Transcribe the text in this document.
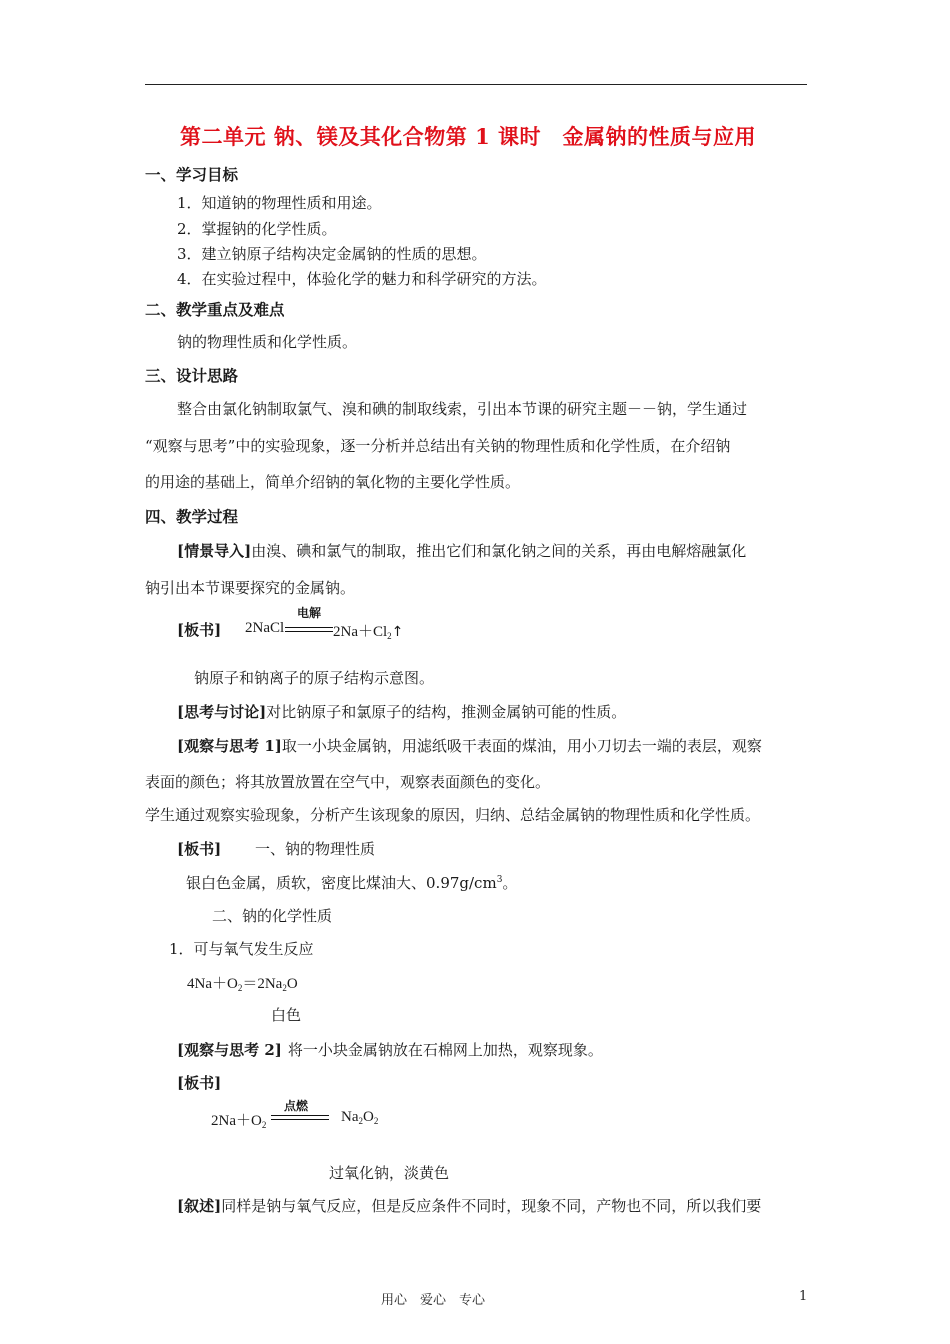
第二单元 钠、镁及其化合物第 1 课时　金属钠的性质与应用
一、学习目标
1．知道钠的物理性质和用途。
2．掌握钠的化学性质。
3．建立钠原子结构决定金属钠的性质的思想。
4．在实验过程中，体验化学的魅力和科学研究的方法。
二、教学重点及难点
钠的物理性质和化学性质。
三、设计思路
整合由氯化钠制取氯气、溴和碘的制取线索，引出本节课的研究主题－－钠，学生通过
“观察与思考”中的实验现象，逐一分析并总结出有关钠的物理性质和化学性质，在介绍钠
的用途的基础上，简单介绍钠的氧化物的主要化学性质。
四、教学过程
[情景导入]由溴、碘和氯气的制取，推出它们和氯化钠之间的关系，再由电解熔融氯化
钠引出本节课要探究的金属钠。
[板书] 2NaCl
电解
$2Na+Cl_2↑$
钠原子和钠离子的原子结构示意图。
[思考与讨论]对比钠原子和氯原子的结构，推测金属钠可能的性质。
[观察与思考 1]取一小块金属钠，用滤纸吸干表面的煤油，用小刀切去一端的表层，观察
表面的颜色；将其放置放置在空气中，观察表面颜色的变化。
学生通过观察实验现象，分析产生该现象的原因，归纳、总结金属钠的物理性质和化学性质。
[板书] 一、钠的物理性质
银白色金属，质软，密度比煤油大、$0.97g/cm^3$。
二、钠的化学性质
1．可与氧气发生反应
$4Na+O_2=2Na_2O$
白色
[观察与思考 2] 将一小块金属钠放在石棉网上加热，观察现象。
[板书]
$2Na+O_2$
点燃
$Na_2O_2$
过氧化钠，淡黄色
[叙述]同样是钠与氧气反应，但是反应条件不同时，现象不同，产物也不同，所以我们要
用心　爱心　专心	1
